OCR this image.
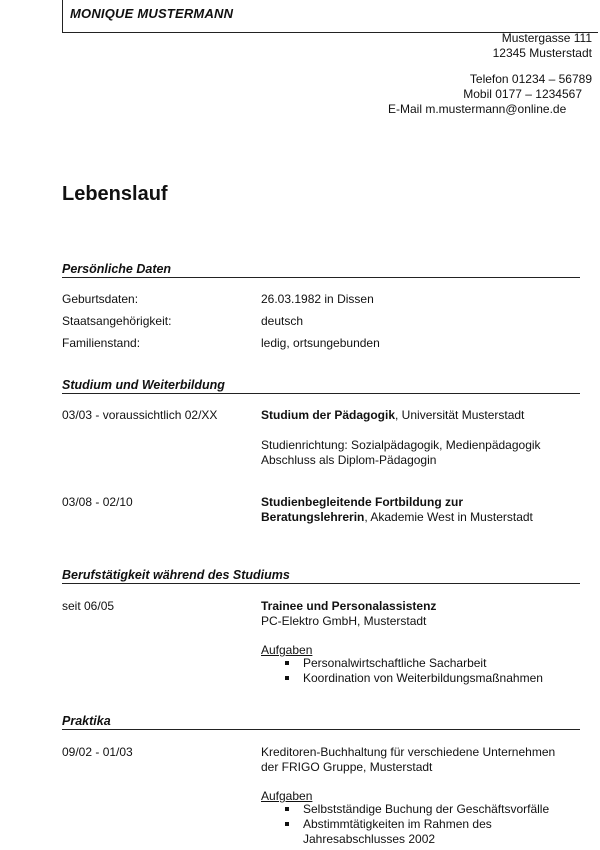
MONIQUE MUSTERMANN
Mustergasse 111
12345 Musterstadt
Telefon 01234 – 56789
Mobil 0177 – 1234567
E-Mail m.mustermann@online.de
Lebenslauf
Persönliche Daten
Geburtsdaten:	26.03.1982 in Dissen
Staatsangehörigkeit:	deutsch
Familienstand:	ledig, ortsungebunden
Studium und Weiterbildung
03/03 - voraussichtlich 02/XX	Studium der Pädagogik, Universität Musterstadt
Studienrichtung: Sozialpädagogik, Medienpädagogik
Abschluss als Diplom-Pädagogin
03/08 - 02/10	Studienbegleitende Fortbildung zur
Beratungslehrerin, Akademie West in Musterstadt
Berufstätigkeit während des Studiums
seit 06/05	Trainee und Personalassistenz
PC-Elektro GmbH, Musterstadt
Aufgaben
Personalwirtschaftliche Sacharbeit
Koordination von Weiterbildungsmaßnahmen
Praktika
09/02 - 01/03	Kreditoren-Buchhaltung für verschiedene Unternehmen
der FRIGO Gruppe, Musterstadt
Aufgaben
Selbstständige Buchung der Geschäftsvorfälle
Abstimmtätigkeiten im Rahmen des
Jahresabschlusses 2002
